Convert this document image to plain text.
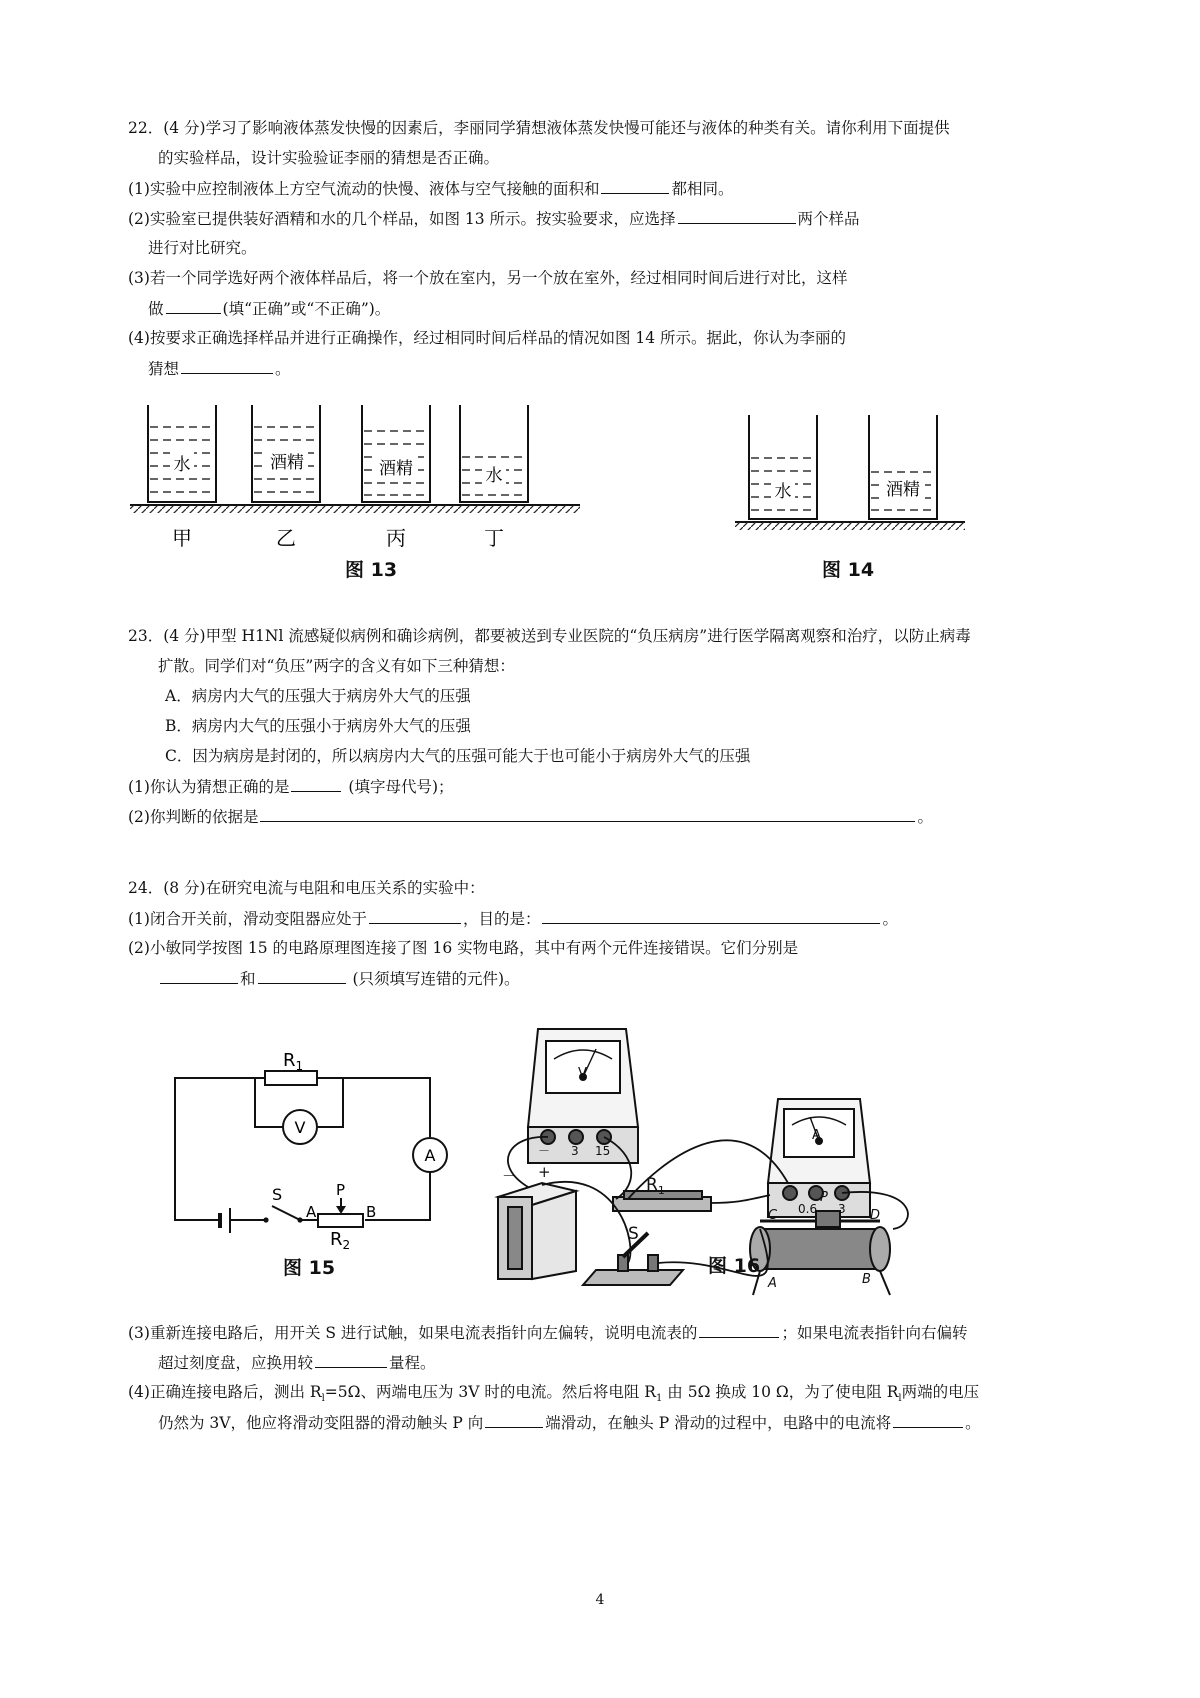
22．(4 分)学习了影响液体蒸发快慢的因素后，李丽同学猜想液体蒸发快慢可能还与液体的种类有关。请你利用下面提供
的实验样品，设计实验验证李丽的猜想是否正确。
(1)实验中应控制液体上方空气流动的快慢、液体与空气接触的面积和	都相同。
(2)实验室已提供装好酒精和水的几个样品，如图 13 所示。按实验要求，应选择	两个样品
进行对比研究。
(3)若一个同学选好两个液体样品后，将一个放在室内，另一个放在室外，经过相同时间后进行对比，这样
做	(填“正确”或“不正确”)。
(4)按要求正确选择样品并进行正确操作，经过相同时间后样品的情况如图 14 所示。据此，你认为李丽的
猜想	。
水	酒精	酒精	水
甲	乙	丙	丁
图 13
水	酒精
图 14
23．(4 分)甲型 H1Nl 流感疑似病例和确诊病例，都要被送到专业医院的“负压病房”进行医学隔离观察和治疗，以防止病毒
扩散。同学们对“负压”两字的含义有如下三种猜想：
A．病房内大气的压强大于病房外大气的压强
B．病房内大气的压强小于病房外大气的压强
C．因为病房是封闭的，所以病房内大气的压强可能大于也可能小于病房外大气的压强
(1)你认为猜想正确的是	(填字母代号)；
(2)你判断的依据是	。
24．(8 分)在研究电流与电阻和电压关系的实验中：
(1)闭合开关前，滑动变阻器应处于	，目的是：	。
(2)小敏同学按图 15 的电路原理图连接了图 16 实物电路，其中有两个元件连接错误。它们分别是
和	(只须填写连错的元件)。
$R_1$
V
A
S	P
A	B
$R_2$
图 15
－ 3 15
V
A
0.6 3
$R_1$
－ +
S
C
P
D
A	B
图 16
(3)重新连接电路后，用开关 S 进行试触，如果电流表指针向左偏转，说明电流表的	；如果电流表指针向右偏转
超过刻度盘，应换用较	量程。
(4)正确连接电路后，测出 $R_l=5\Omega$、两端电压为 3V 时的电流。然后将电阻 $R_1$ 由 5Ω 换成 10 Ω，为了使电阻 $R_l$两端的电压
仍然为 3V，他应将滑动变阻器的滑动触头 P 向	端滑动，在触头 P 滑动的过程中，电路中的电流将	。
4
